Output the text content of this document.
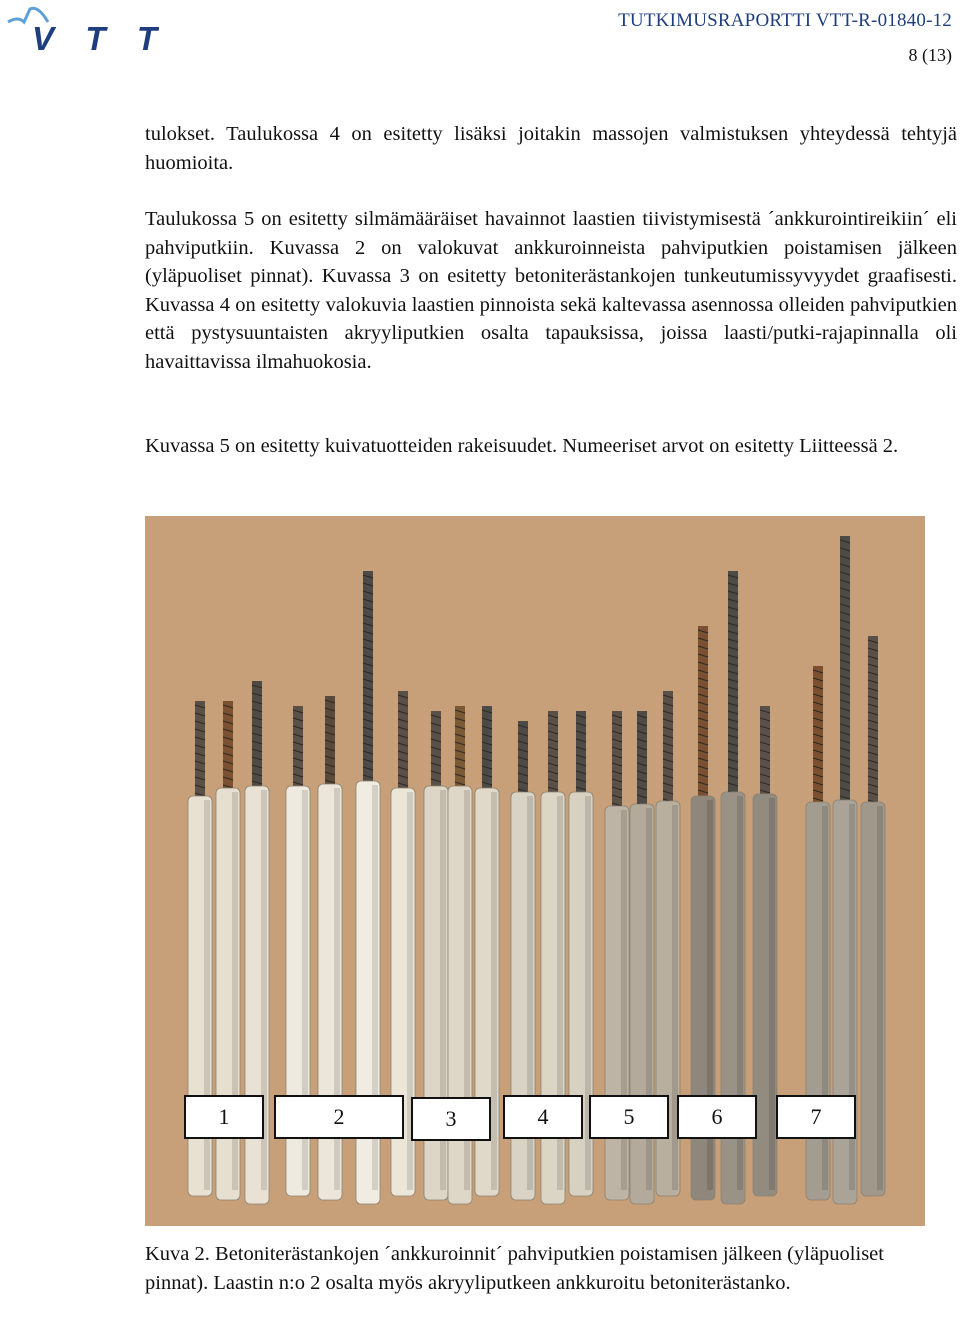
VTT	TUTKIMUSRAPORTTI VTT-R-01840-12
8 (13)

tulokset. Taulukossa 4 on esitetty lisäksi joitakin massojen valmistuksen yhteydessä tehtyjä huomioita.

Taulukossa 5 on esitetty silmämääräiset havainnot laastien tiivistymisestä ´ankkurointireikiin´ eli pahviputkiin. Kuvassa 2 on valokuvat ankkuroinneista pahviputkien poistamisen jälkeen (yläpuoliset pinnat). Kuvassa 3 on esitetty betoniterästankojen tunkeutumissyvyydet graafisesti. Kuvassa 4 on esitetty valokuvia laastien pinnoista sekä kaltevassa asennossa olleiden pahviputkien että pystysuuntaisten akryyliputkien osalta tapauksissa, joissa laasti/putki-rajapinnalla oli havaittavissa ilmahuokosia.

Kuvassa 5 on esitetty kuivatuotteiden rakeisuudet. Numeeriset arvot on esitetty Liitteessä 2.

1	2	3	4	5	6	7

Kuva 2. Betoniterästankojen ´ankkuroinnit´ pahviputkien poistamisen jälkeen (yläpuoliset pinnat). Laastin n:o 2 osalta myös akryyliputkeen ankkuroitu betoniterästanko.
